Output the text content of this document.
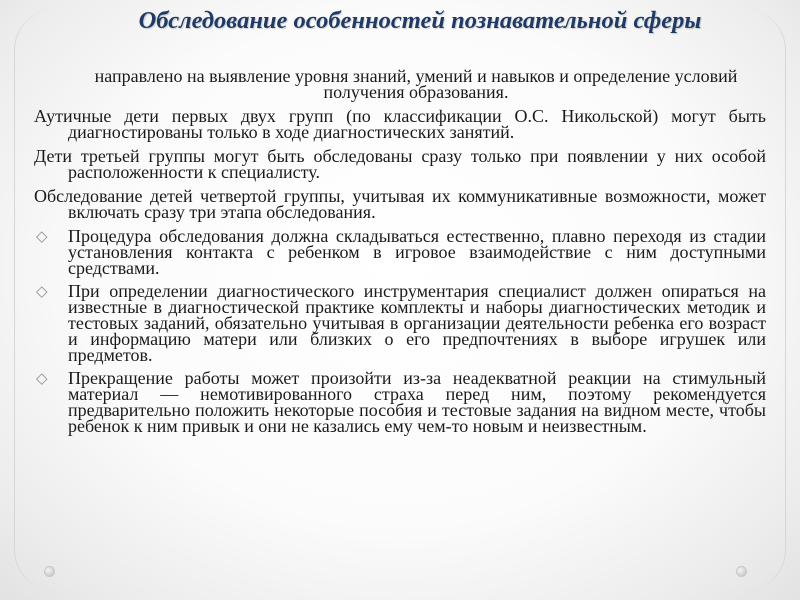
Обследование особенностей познавательной сферы
направлено на выявление уровня знаний, умений и навыков и определение условий получения образования.

Аутичные дети первых двух групп (по классификации О.С. Никольской) могут быть диагностированы только в ходе диагностических занятий.

Дети третьей группы могут быть обследованы сразу только при появлении у них особой расположенности к специалисту.

Обследование детей четвертой группы, учитывая их коммуникативные возможности, может включать сразу три этапа обследования.

◇ Процедура обследования должна складываться естественно, плавно переходя из стадии установления контакта с ребенком в игровое взаимодействие с ним доступными средствами.
◇ При определении диагностического инструментария специалист должен опираться на известные в диагностической практике комплекты и наборы диагностических методик и тестовых заданий, обязательно учитывая в организации деятельности ребенка его возраст и информацию матери или близких о его предпочтениях в выборе игрушек или предметов.
◇ Прекращение работы может произойти из-за неадекватной реакции на стимульный материал — немотивированного страха перед ним, поэтому рекомендуется предварительно положить некоторые пособия и тестовые задания на видном месте, чтобы ребенок к ним привык и они не казались ему чем-то новым и неизвестным.
